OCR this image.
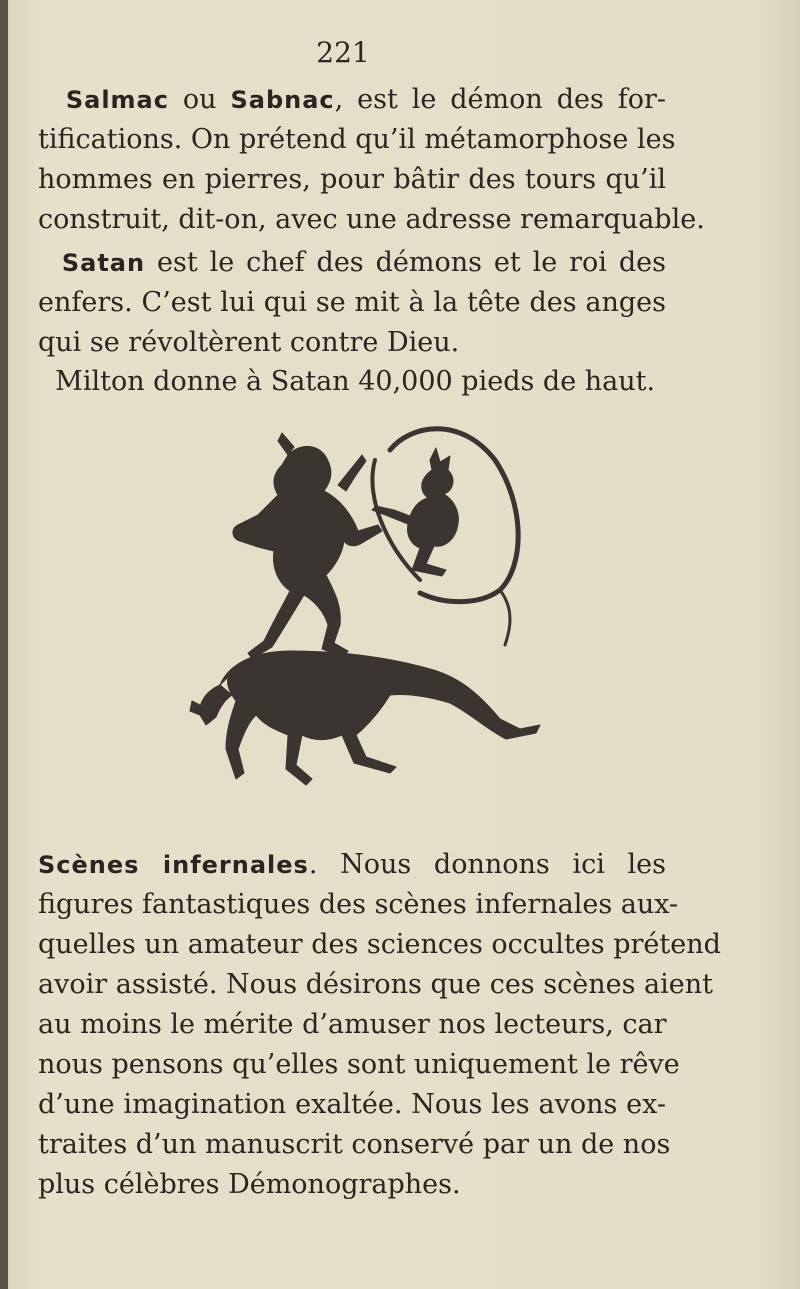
221
Salmac ou Sabnac, est le démon des for-
tifications. On prétend qu’il métamorphose les
hommes en pierres, pour bâtir des tours qu’il
construit, dit-on, avec une adresse remarquable.
Satan est le chef des démons et le roi des
enfers. C’est lui qui se mit à la tête des anges
qui se révoltèrent contre Dieu.
Milton donne à Satan 40,000 pieds de haut.
Scènes infernales. Nous donnons ici les
figures fantastiques des scènes infernales aux-
quelles un amateur des sciences occultes prétend
avoir assisté. Nous désirons que ces scènes aient
au moins le mérite d’amuser nos lecteurs, car
nous pensons qu’elles sont uniquement le rêve
d’une imagination exaltée. Nous les avons ex-
traites d’un manuscrit conservé par un de nos
plus célèbres Démonographes.
